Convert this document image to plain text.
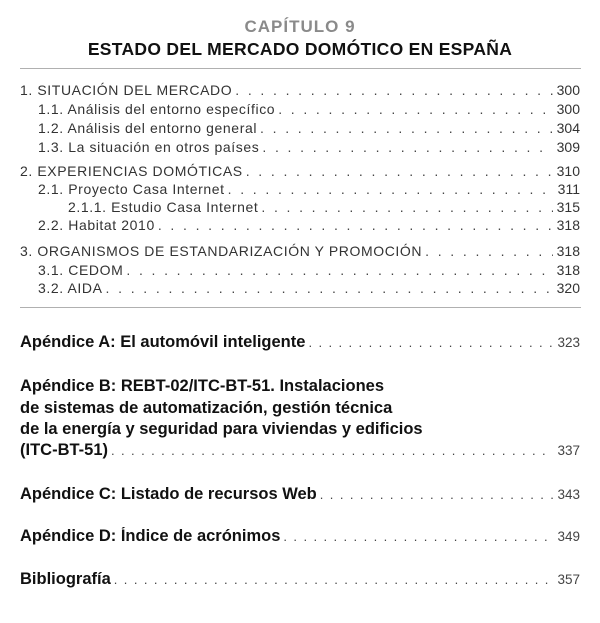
CAPÍTULO 9
ESTADO DEL MERCADO DOMÓTICO EN ESPAÑA
1. SITUACIÓN DEL MERCADO . . .	300
1.1. Análisis del entorno específico . . .	300
1.2. Análisis del entorno general . . .	304
1.3. La situación en otros países . . .	309
2. EXPERIENCIAS DOMÓTICAS . . .	310
2.1. Proyecto Casa Internet . . .	311
2.1.1. Estudio Casa Internet . . .	315
2.2. Habitat 2010 . . .	318
3. ORGANISMOS DE ESTANDARIZACIÓN Y PROMOCIÓN . . .	318
3.1. CEDOM . . .	318
3.2. AIDA . . .	320
Apéndice A: El automóvil inteligente . . .	323
Apéndice B: REBT-02/ITC-BT-51. Instalaciones
de sistemas de automatización, gestión técnica
de la energía y seguridad para viviendas y edificios
(ITC-BT-51) . . .	337
Apéndice C: Listado de recursos Web . . .	343
Apéndice D: Índice de acrónimos . . .	349
Bibliografía . . .	357
